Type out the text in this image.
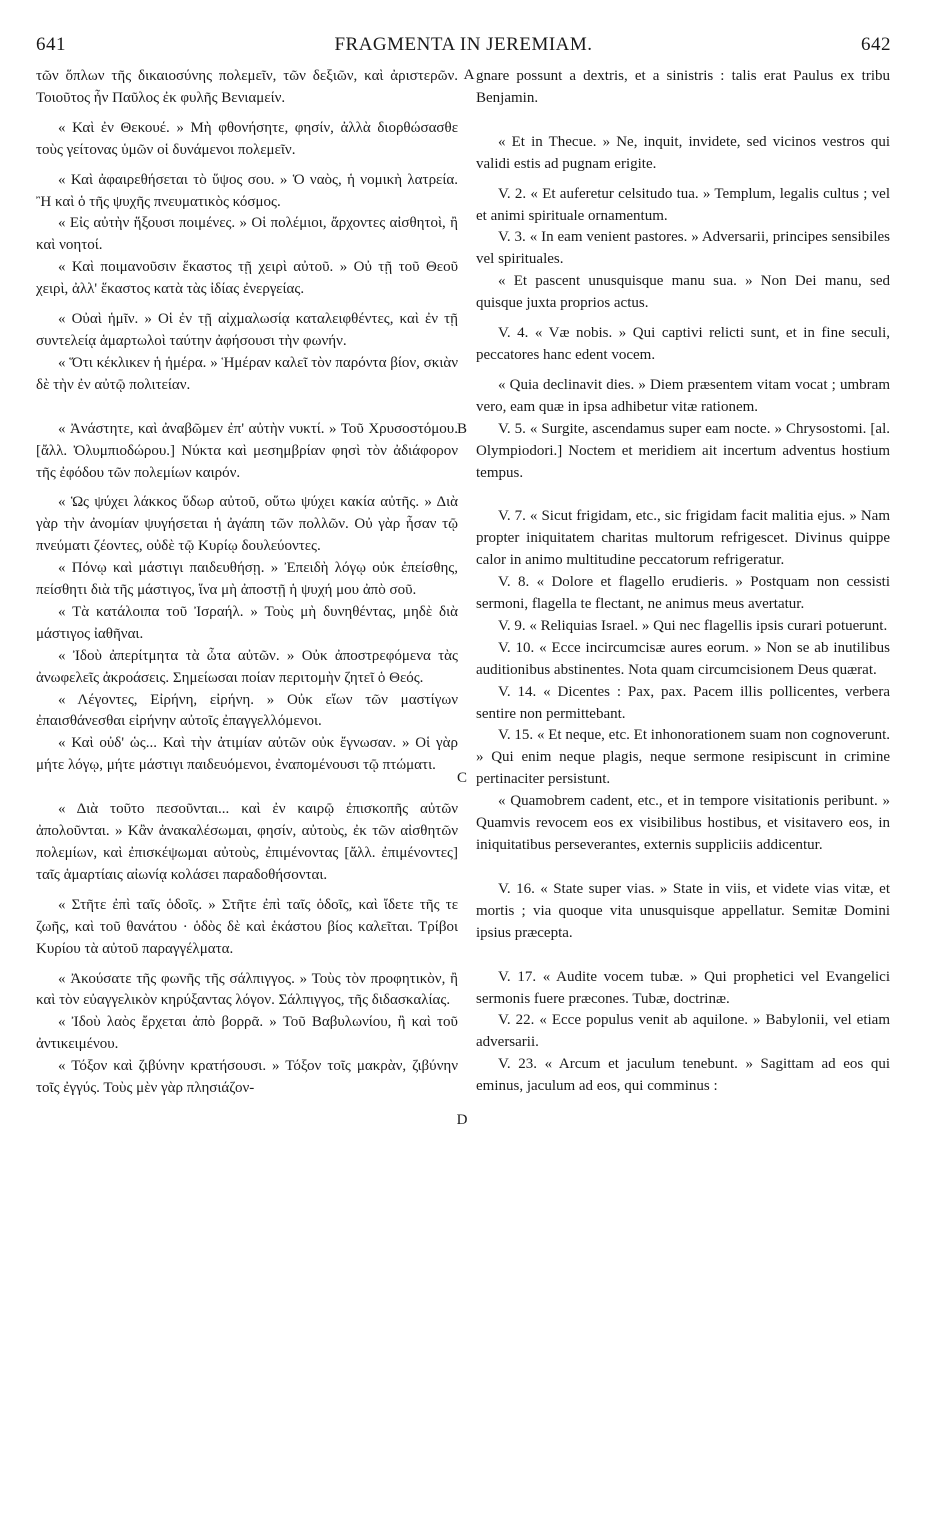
641	FRAGMENTA IN JEREMIAM.	642

τῶν ὅπλων τῆς δικαιοσύνης πολεμεῖν, τῶν δεξιῶν, καὶ ἀριστερῶν. Τοιοῦτος ἦν Παῦλος ἐκ φυλῆς Βενιαμείν.

« Καὶ ἐν Θεκουέ. » Μὴ φθονήσητε, φησίν, ἀλλὰ διορθώσασθε τοὺς γείτονας ὑμῶν οἱ δυνάμενοι πολεμεῖν.

« Καὶ ἀφαιρεθήσεται τὸ ὕψος σου. » Ὁ ναὸς, ἡ νομικὴ λατρεία. Ἢ καὶ ὁ τῆς ψυχῆς πνευματικὸς κόσμος.

« Εἰς αὐτὴν ἥξουσι ποιμένες. » Οἱ πολέμιοι, ἄρχοντες αἰσθητοὶ, ἢ καὶ νοητοί.

« Καὶ ποιμανοῦσιν ἕκαστος τῇ χειρὶ αὐτοῦ. » Οὐ τῇ τοῦ Θεοῦ χειρὶ, ἀλλ' ἕκαστος κατὰ τὰς ἰδίας ἐνεργείας.

« Οὐαὶ ἡμῖν. » Οἱ ἐν τῇ αἰχμαλωσίᾳ καταλειφθέντες, καὶ ἐν τῇ συντελείᾳ ἁμαρτωλοὶ ταύτην ἀφήσουσι τὴν φωνήν.

« Ὅτι κέκλικεν ἡ ἡμέρα. » Ἡμέραν καλεῖ τὸν παρόντα βίον, σκιὰν δὲ τὴν ἐν αὐτῷ πολιτείαν.

« Ἀνάστητε, καὶ ἀναβῶμεν ἐπ' αὐτὴν νυκτί. » Τοῦ Χρυσοστόμου. [ἄλλ. Ὀλυμπιοδώρου.] Νύκτα καὶ μεσημβρίαν φησὶ τὸν ἀδιάφορον τῆς ἐφόδου τῶν πολεμίων καιρόν.

« Ὡς ψύχει λάκκος ὕδωρ αὐτοῦ, οὕτω ψύχει κακία αὐτῆς. » Διὰ γὰρ τὴν ἀνομίαν ψυγήσεται ἡ ἀγάπη τῶν πολλῶν. Οὐ γὰρ ἦσαν τῷ πνεύματι ζέοντες, οὐδὲ τῷ Κυρίῳ δουλεύοντες.

« Πόνῳ καὶ μάστιγι παιδευθήσῃ. » Ἐπειδὴ λόγῳ οὐκ ἐπείσθης, πείσθητι διὰ τῆς μάστιγος, ἵνα μὴ ἀποστῇ ἡ ψυχή μου ἀπὸ σοῦ.

« Τὰ κατάλοιπα τοῦ Ἰσραήλ. » Τοὺς μὴ δυνηθέντας, μηδὲ διὰ μάστιγος ἰαθῆναι.

« Ἰδοὺ ἀπερίτμητα τὰ ὦτα αὐτῶν. » Οὐκ ἀποστρεφόμενα τὰς ἀνωφελεῖς ἀκροάσεις. Σημείωσαι ποίαν περιτομὴν ζητεῖ ὁ Θεός.

« Λέγοντες, Εἰρήνη, εἰρήνη. » Οὐκ εἴων τῶν μαστίγων ἐπαισθάνεσθαι εἰρήνην αὐτοῖς ἐπαγγελλόμενοι.

« Καὶ οὐδ' ὡς... Καὶ τὴν ἀτιμίαν αὐτῶν οὐκ ἔγνωσαν. » Οἱ γὰρ μήτε λόγῳ, μήτε μάστιγι παιδευόμενοι, ἐναπομένουσι τῷ πτώματι.

« Διὰ τοῦτο πεσοῦνται... καὶ ἐν καιρῷ ἐπισκοπῆς αὐτῶν ἀπολοῦνται. » Κἂν ἀνακαλέσωμαι, φησίν, αὐτοὺς, ἐκ τῶν αἰσθητῶν πολεμίων, καὶ ἐπισκέψωμαι αὐτοὺς, ἐπιμένοντας [ἄλλ. ἐπιμένοντες] ταῖς ἁμαρτίαις αἰωνίᾳ κολάσει παραδοθήσονται.

« Στῆτε ἐπὶ ταῖς ὁδοῖς. » Στῆτε ἐπὶ ταῖς ὁδοῖς, καὶ ἴδετε τῆς τε ζωῆς, καὶ τοῦ θανάτου · ὁδὸς δὲ καὶ ἑκάστου βίος καλεῖται. Τρίβοι Κυρίου τὰ αὐτοῦ παραγγέλματα.

« Ἀκούσατε τῆς φωνῆς τῆς σάλπιγγος. » Τοὺς τὸν προφητικὸν, ἢ καὶ τὸν εὐαγγελικὸν κηρύξαντας λόγον. Σάλπιγγος, τῆς διδασκαλίας.

« Ἰδοὺ λαὸς ἔρχεται ἀπὸ βορρᾶ. » Τοῦ Βαβυλωνίου, ἢ καὶ τοῦ ἀντικειμένου.

« Τόξον καὶ ζιβύνην κρατήσουσι. » Τόξον τοῖς μακρὰν, ζιβύνην τοῖς ἐγγύς. Τοὺς μὲν γὰρ πλησιάζον-

A
B
C
D

gnare possunt a dextris, et a sinistris : talis erat Paulus ex tribu Benjamin.

« Et in Thecue. » Ne, inquit, invidete, sed vicinos vestros qui validi estis ad pugnam erigite.

V. 2. « Et auferetur celsitudo tua. » Templum, legalis cultus ; vel et animi spirituale ornamentum.

V. 3. « In eam venient pastores. » Adversarii, principes sensibiles vel spirituales.

« Et pascent unusquisque manu sua. » Non Dei manu, sed quisque juxta proprios actus.

V. 4. « Væ nobis. » Qui captivi relicti sunt, et in fine seculi, peccatores hanc edent vocem.

« Quia declinavit dies. » Diem præsentem vitam vocat ; umbram vero, eam quæ in ipsa adhibetur vitæ rationem.

V. 5. « Surgite, ascendamus super eam nocte. » Chrysostomi. [al. Olympiodori.] Noctem et meridiem ait incertum adventus hostium tempus.

V. 7. « Sicut frigidam, etc., sic frigidam facit malitia ejus. » Nam propter iniquitatem charitas multorum refrigescet. Divinus quippe calor in animo multitudine peccatorum refrigeratur.

V. 8. « Dolore et flagello erudieris. » Postquam non cessisti sermoni, flagella te flectant, ne animus meus avertatur.

V. 9. « Reliquias Israel. » Qui nec flagellis ipsis curari potuerunt.

V. 10. « Ecce incircumcisæ aures eorum. » Non se ab inutilibus auditionibus abstinentes. Nota quam circumcisionem Deus quærat.

V. 14. « Dicentes : Pax, pax. Pacem illis pollicentes, verbera sentire non permittebant.

V. 15. « Et neque, etc. Et inhonorationem suam non cognoverunt. » Qui enim neque plagis, neque sermone resipiscunt in crimine pertinaciter persistunt.

« Quamobrem cadent, etc., et in tempore visitationis peribunt. » Quamvis revocem eos ex visibilibus hostibus, et visitavero eos, in iniquitatibus perseverantes, externis suppliciis addicentur.

V. 16. « State super vias. » State in viis, et videte vias vitæ, et mortis ; via quoque vita unusquisque appellatur. Semitæ Domini ipsius præcepta.

V. 17. « Audite vocem tubæ. » Qui prophetici vel Evangelici sermonis fuere præcones. Tubæ, doctrinæ.

V. 22. « Ecce populus venit ab aquilone. » Babylonii, vel etiam adversarii.

V. 23. « Arcum et jaculum tenebunt. » Sagittam ad eos qui eminus, jaculum ad eos, qui comminus :
